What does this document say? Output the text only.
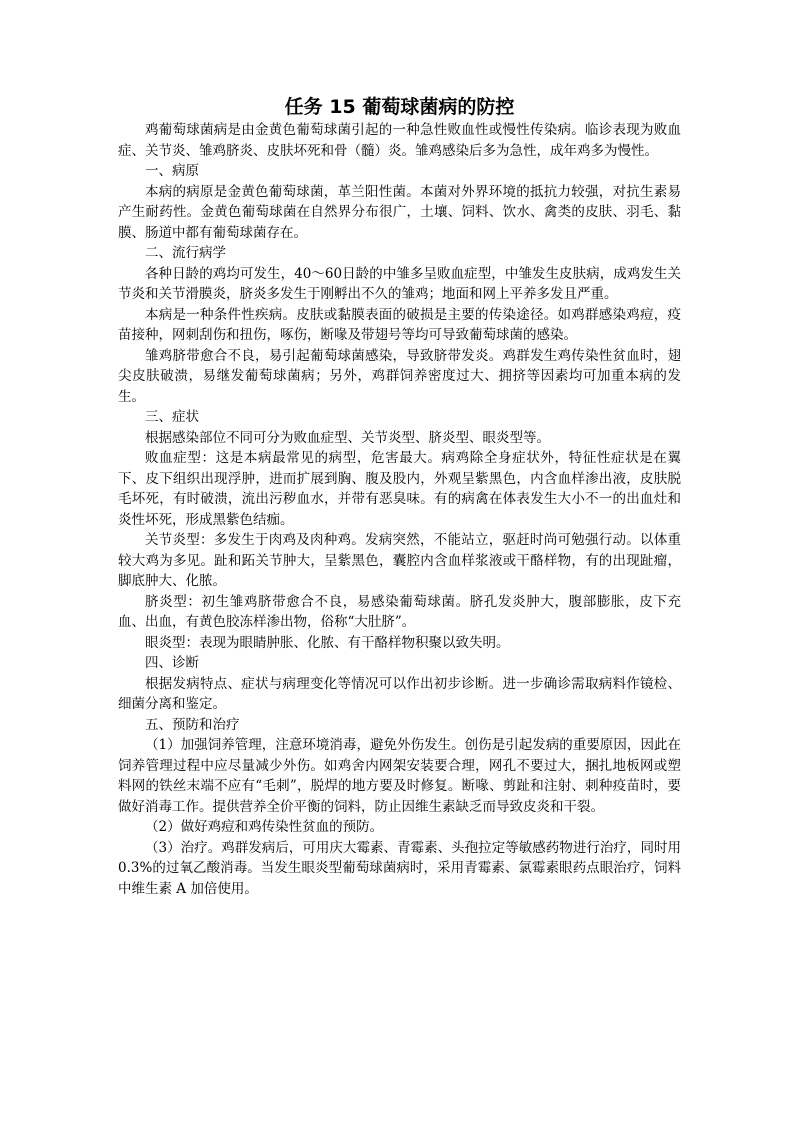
任务 15 葡萄球菌病的防控

鸡葡萄球菌病是由金黄色葡萄球菌引起的一种急性败血性或慢性传染病。临诊表现为败血症、关节炎、雏鸡脐炎、皮肤坏死和骨（髓）炎。雏鸡感染后多为急性，成年鸡多为慢性。

一、病原

本病的病原是金黄色葡萄球菌，革兰阳性菌。本菌对外界环境的抵抗力较强，对抗生素易产生耐药性。金黄色葡萄球菌在自然界分布很广，土壤、饲料、饮水、禽类的皮肤、羽毛、黏膜、肠道中都有葡萄球菌存在。

二、流行病学

各种日龄的鸡均可发生，40～60日龄的中雏多呈败血症型，中雏发生皮肤病，成鸡发生关节炎和关节滑膜炎，脐炎多发生于刚孵出不久的雏鸡；地面和网上平养多发且严重。

本病是一种条件性疾病。皮肤或黏膜表面的破损是主要的传染途径。如鸡群感染鸡痘，疫苗接种，网刺刮伤和扭伤，啄伤，断喙及带翅号等均可导致葡萄球菌的感染。

雏鸡脐带愈合不良，易引起葡萄球菌感染，导致脐带发炎。鸡群发生鸡传染性贫血时，翅尖皮肤破溃，易继发葡萄球菌病；另外，鸡群饲养密度过大、拥挤等因素均可加重本病的发生。

三、症状

根据感染部位不同可分为败血症型、关节炎型、脐炎型、眼炎型等。

败血症型：这是本病最常见的病型，危害最大。病鸡除全身症状外，特征性症状是在翼下、皮下组织出现浮肿，进而扩展到胸、腹及股内，外观呈紫黑色，内含血样渗出液，皮肤脱毛坏死，有时破溃，流出污秽血水，并带有恶臭味。有的病禽在体表发生大小不一的出血灶和炎性坏死，形成黑紫色结痂。

关节炎型：多发生于肉鸡及肉种鸡。发病突然，不能站立，驱赶时尚可勉强行动。以体重较大鸡为多见。趾和跖关节肿大，呈紫黑色，囊腔内含血样浆液或干酪样物，有的出现趾瘤，脚底肿大、化脓。

脐炎型：初生雏鸡脐带愈合不良，易感染葡萄球菌。脐孔发炎肿大，腹部膨胀，皮下充血、出血，有黄色胶冻样渗出物，俗称“大肚脐”。

眼炎型：表现为眼睛肿胀、化脓、有干酪样物积聚以致失明。

四、诊断

根据发病特点、症状与病理变化等情况可以作出初步诊断。进一步确诊需取病料作镜检、细菌分离和鉴定。

五、预防和治疗

（1）加强饲养管理，注意环境消毒，避免外伤发生。创伤是引起发病的重要原因，因此在饲养管理过程中应尽量减少外伤。如鸡舍内网架安装要合理，网孔不要过大，捆扎地板网或塑料网的铁丝末端不应有“毛刺”，脱焊的地方要及时修复。断喙、剪趾和注射、刺种疫苗时，要做好消毒工作。提供营养全价平衡的饲料，防止因维生素缺乏而导致皮炎和干裂。

（2）做好鸡痘和鸡传染性贫血的预防。

（3）治疗。鸡群发病后，可用庆大霉素、青霉素、头孢拉定等敏感药物进行治疗，同时用 0.3%的过氧乙酸消毒。当发生眼炎型葡萄球菌病时，采用青霉素、氯霉素眼药点眼治疗，饲料中维生素 A 加倍使用。
